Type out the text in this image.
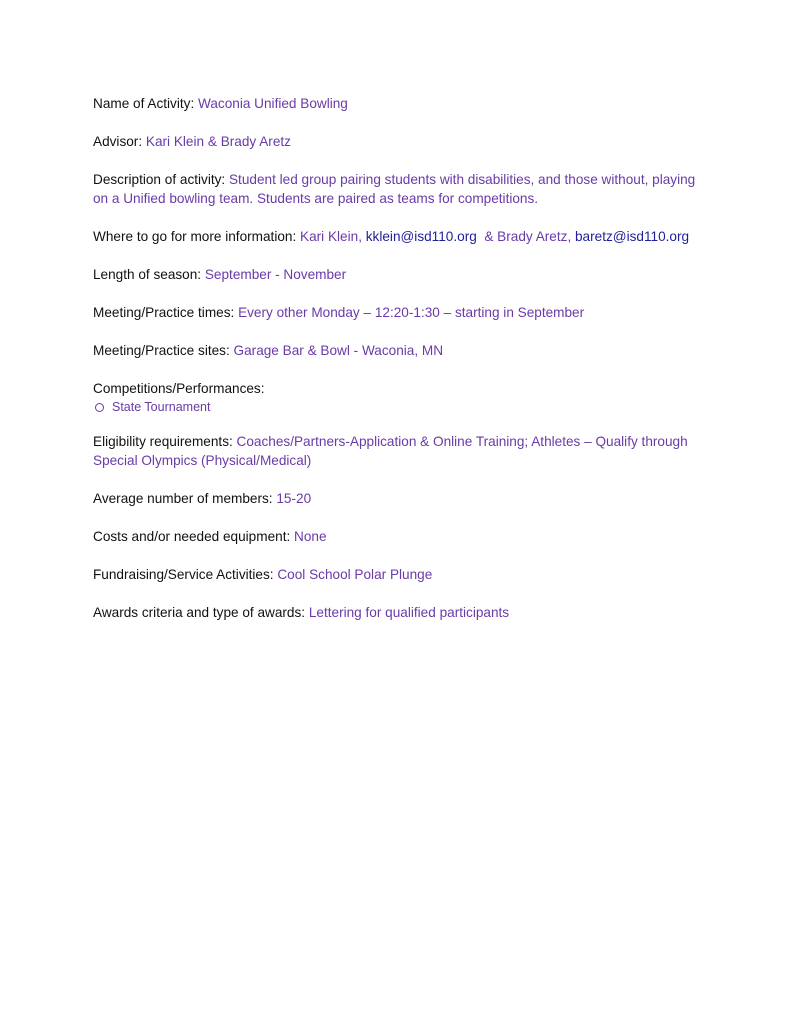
Name of Activity: Waconia Unified Bowling
Advisor: Kari Klein & Brady Aretz
Description of activity: Student led group pairing students with disabilities, and those without, playing on a Unified bowling team. Students are paired as teams for competitions.
Where to go for more information: Kari Klein, kklein@isd110.org  & Brady Aretz, baretz@isd110.org
Length of season: September - November
Meeting/Practice times: Every other Monday – 12:20-1:30 – starting in September
Meeting/Practice sites: Garage Bar & Bowl - Waconia, MN
Competitions/Performances:
State Tournament
Eligibility requirements: Coaches/Partners-Application & Online Training; Athletes – Qualify through Special Olympics (Physical/Medical)
Average number of members: 15-20
Costs and/or needed equipment: None
Fundraising/Service Activities: Cool School Polar Plunge
Awards criteria and type of awards: Lettering for qualified participants
